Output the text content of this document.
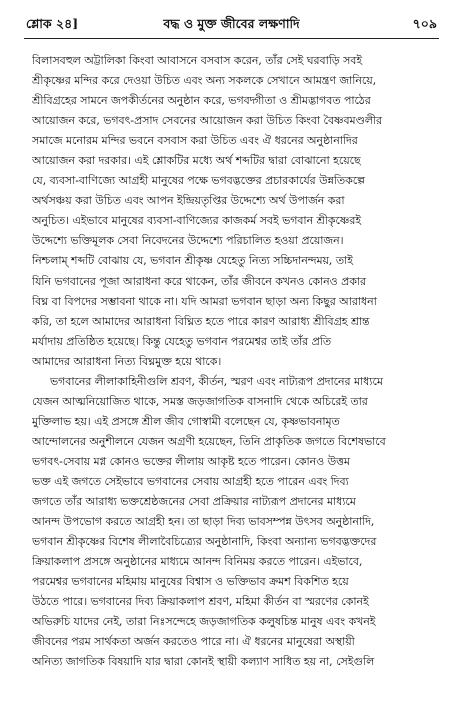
শ্লোক ২৪]	বদ্ধ ও মুক্ত জীবের লক্ষণাদি	৭০৯
বিলাসবহুল অট্টালিকা কিংবা আবাসনে বসবাস করেন, তাঁর সেই ঘরবাড়ি সবই
শ্রীকৃষ্ণের মন্দির করে দেওয়া উচিত এবং অন্য সকলকে সেখানে আমন্ত্রণ জানিয়ে,
শ্রীবিগ্রহের সামনে জপকীর্তনের অনুষ্ঠান করে, ভগবদ্গীতা ও শ্রীমদ্ভাগবত পাঠের
আয়োজন করে, ভগবৎ-প্রসাদ সেবনের আয়োজন করা উচিত কিংবা বৈষ্ণবমণ্ডলীর
সমাজে মনোরম মন্দির ভবনে বসবাস করা উচিত এবং ঐ ধরনের অনুষ্ঠানাদির
আয়োজন করা দরকার। এই শ্লোকটির মধ্যে অর্থ শব্দটির দ্বারা বোঝানো হয়েছে
যে, ব্যবসা-বাণিজ্যে আগ্রহী মানুষের পক্ষে ভগবদ্ভক্তের প্রচারকার্যের উন্নতিকল্পে
অর্থসঞ্চয় করা উচিত এবং আপন ইন্দ্রিয়তৃপ্তির উদ্দেশ্যে অর্থ উপার্জন করা
অনুচিত। এইভাবে মানুষের ব্যবসা-বাণিজ্যের কাজকর্ম সবই ভগবান শ্রীকৃষ্ণেরই
উদ্দেশ্যে ভক্তিমূলক সেবা নিবেদনের উদ্দেশ্যে পরিচালিত হওয়া প্রয়োজন।
নিশ্চলাম্ শব্দটি বোঝায় যে, ভগবান শ্রীকৃষ্ণ যেহেতু নিত্য সচ্চিদানন্দময়, তাই
যিনি ভগবানের পূজা আরাধনা করে থাকেন, তাঁর জীবনে কখনও কোনও প্রকার
বিঘ্ন বা বিপদের সম্ভাবনা থাকে না। যদি আমরা ভগবান ছাড়া অন্য কিছুর আরাধনা
করি, তা হলে আমাদের আরাধনা বিঘ্নিত হতে পারে কারণ আরাধ্য শ্রীবিগ্রহ শ্রান্ত
মর্যাদায় প্রতিষ্ঠিত হয়েছে। কিন্তু যেহেতু ভগবান পরমেশ্বর তাই তাঁর প্রতি
আমাদের আরাধনা নিত্য বিঘ্নমুক্ত হয়ে থাকে।
ভগবানের লীলাকাহিনীগুলি শ্রবণ, কীর্তন, স্মরণ এবং নাট্যরূপ প্রদানের মাধ্যমে
যেজন আত্মনিয়োজিত থাকে, সমস্ত জড়জাগতিক বাসনাদি থেকে অচিরেই তার
মুক্তিলাভ হয়। এই প্রসঙ্গে শ্রীল জীব গোস্বামী বলেছেন যে, কৃষ্ণভাবনামৃত
আন্দোলনের অনুশীলনে যেজন অগ্রণী হয়েছেন, তিনি প্রাকৃতিক জগতে বিশেষভাবে
ভগবৎ-সেবায় মগ্ন কোনও ভক্তের লীলায় আকৃষ্ট হতে পারেন। কোনও উত্তম
ভক্ত এই জগতে সেইভাবে ভগবানের সেবায় আগ্রহী হতে পারেন এবং দিব্য
জগতে তাঁর আরাধ্য ভক্তশ্রেষ্ঠজনের সেবা প্রক্রিয়ার নাট্যরূপ প্রদানের মাধ্যমে
আনন্দ উপভোগ করতে আগ্রহী হন। তা ছাড়া দিব্য ভাবসম্পন্ন উৎসব অনুষ্ঠানাদি,
ভগবান শ্রীকৃষ্ণের বিশেষ লীলাবৈচিত্র্যের অনুষ্ঠানাদি, কিংবা অন্যান্য ভগবদ্ভক্তদের
ক্রিয়াকলাপ প্রসঙ্গে অনুষ্ঠানের মাধ্যমে আনন্দ বিনিময় করতে পারেন। এইভাবে,
পরমেশ্বর ভগবানের মহিমায় মানুষের বিশ্বাস ও ভক্তিভাব ক্রমশ বিকশিত হয়ে
উঠতে পারে। ভগবানের দিব্য ক্রিয়াকলাপ শ্রবণ, মহিমা কীর্তন বা স্মরণের কোনই
অভিরুচি যাদের নেই, তারা নিঃসন্দেহে জড়জাগতিক কলুষচিন্ত মানুষ এবং কখনই
জীবনের পরম সার্থকতা অর্জন করতেও পারে না। ঐ ধরনের মানুষেরা অস্থায়ী
অনিত্য জাগতিক বিষয়াদি যার দ্বারা কোনই স্থায়ী কল্যাণ সাধিত হয় না, সেইগুলি
